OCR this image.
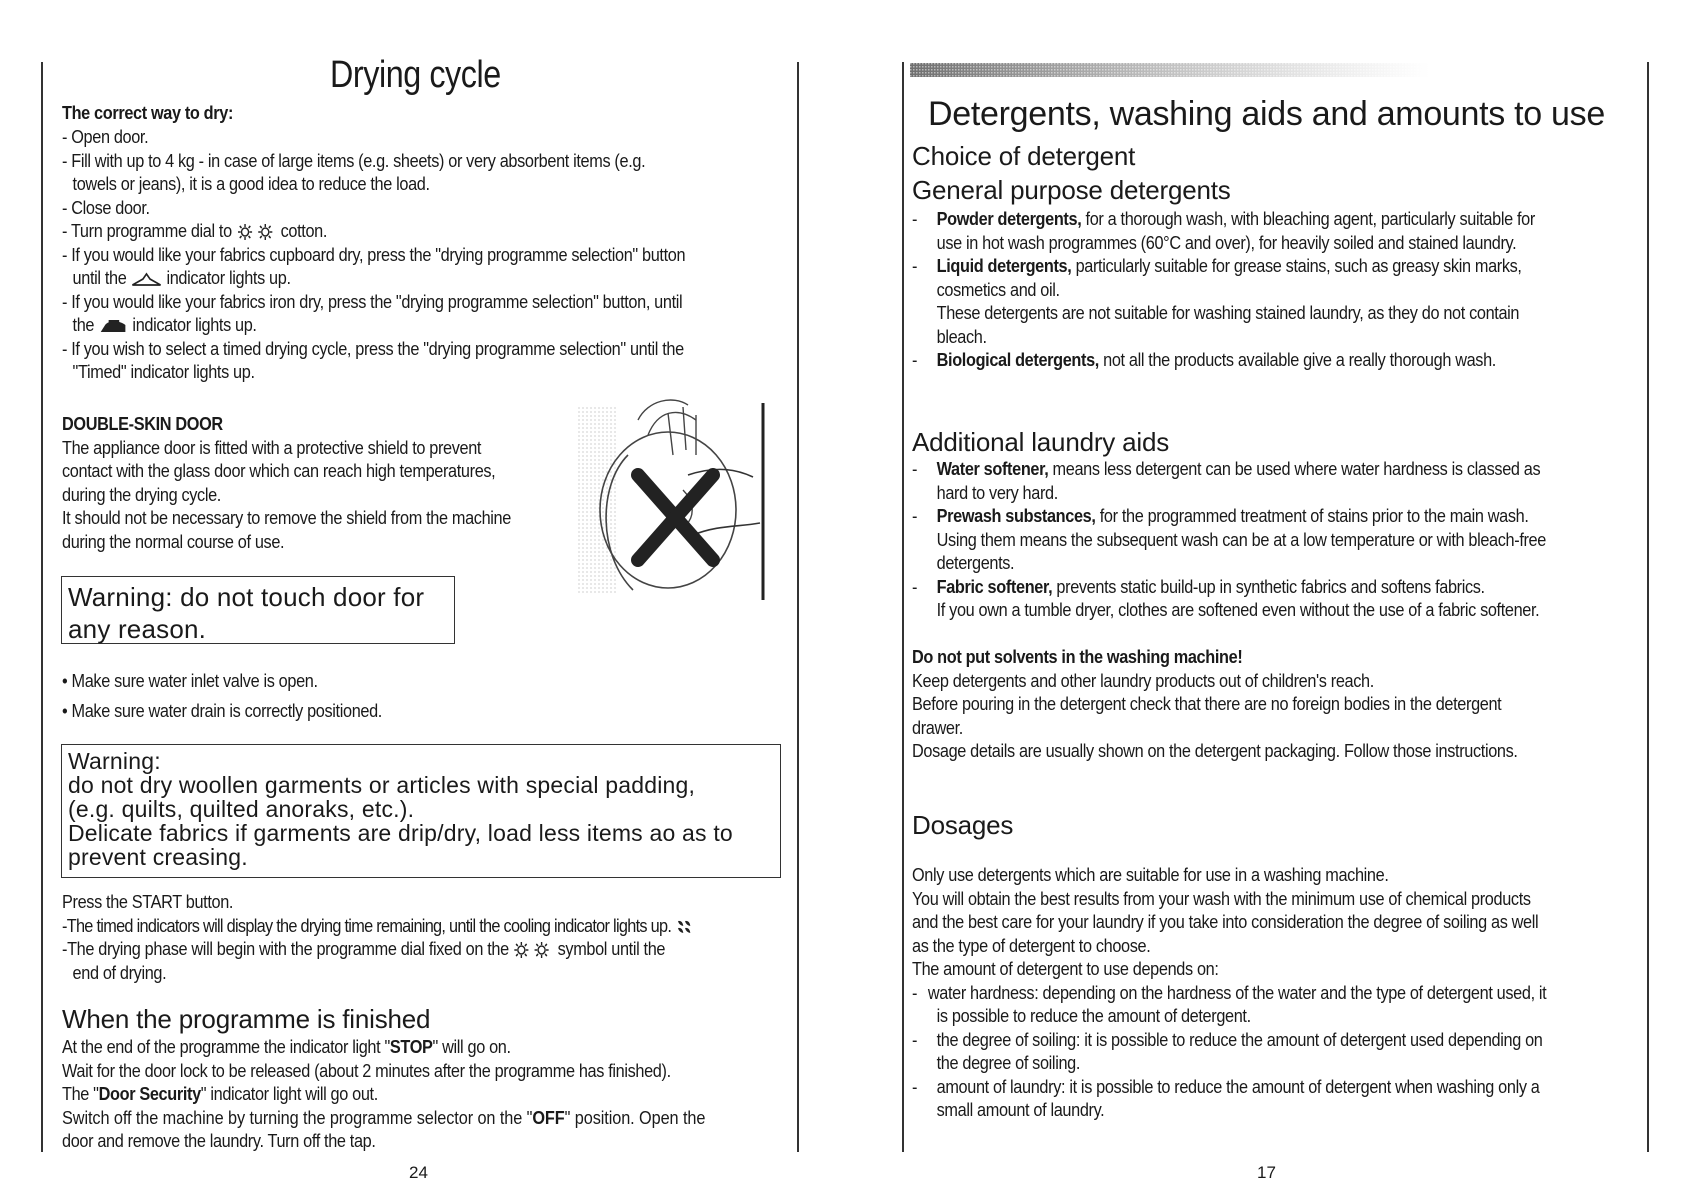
Drying cycle
The correct way to dry:
- Open door.
- Fill with up to 4 kg - in case of large items (e.g. sheets) or very absorbent items (e.g.
towels or jeans), it is a good idea to reduce the load.
- Close door.
- Turn programme dial to	cotton.
- If you would like your fabrics cupboard dry, press the "drying programme selection" button
until the indicator lights up.
- If you would like your fabrics iron dry, press the "drying programme selection" button, until
the indicator lights up.
- If you wish to select a timed drying cycle, press the "drying programme selection" until the
"Timed" indicator lights up.
DOUBLE-SKIN DOOR
The appliance door is fitted with a protective shield to prevent
contact with the glass door which can reach high temperatures,
during the drying cycle.
It should not be necessary to remove the shield from the machine
during the normal course of use.
Warning: do not touch door for any reason.
• Make sure water inlet valve is open.
• Make sure water drain is correctly positioned.
Warning:
do not dry woollen garments or articles with special padding,
(e.g. quilts, quilted anoraks, etc.).
Delicate fabrics if garments are drip/dry, load less items ao as to
prevent creasing.
Press the START button.
-The timed indicators will display the drying time remaining, until the cooling indicator lights up.
-The drying phase will begin with the programme dial fixed on the	symbol until the
end of drying.
When the programme is finished
At the end of the programme the indicator light "STOP" will go on.
Wait for the door lock to be released (about 2 minutes after the programme has finished).
The "Door Security" indicator light will go out.
Switch off the machine by turning the programme selector on the "OFF" position. Open the
door and remove the laundry. Turn off the tap.
24
Detergents, washing aids and amounts to use
Choice of detergent
General purpose detergents
- Powder detergents, for a thorough wash, with bleaching agent, particularly suitable for
use in hot wash programmes (60°C and over), for heavily soiled and stained laundry.
- Liquid detergents, particularly suitable for grease stains, such as greasy skin marks,
cosmetics and oil.
These detergents are not suitable for washing stained laundry, as they do not contain
bleach.
- Biological detergents, not all the products available give a really thorough wash.
Additional laundry aids
- Water softener, means less detergent can be used where water hardness is classed as
hard to very hard.
- Prewash substances, for the programmed treatment of stains prior to the main wash.
Using them means the subsequent wash can be at a low temperature or with bleach-free
detergents.
- Fabric softener, prevents static build-up in synthetic fabrics and softens fabrics.
If you own a tumble dryer, clothes are softened even without the use of a fabric softener.
Do not put solvents in the washing machine!
Keep detergents and other laundry products out of children's reach.
Before pouring in the detergent check that there are no foreign bodies in the detergent
drawer.
Dosage details are usually shown on the detergent packaging. Follow those instructions.
Dosages
Only use detergents which are suitable for use in a washing machine.
You will obtain the best results from your wash with the minimum use of chemical products
and the best care for your laundry if you take into consideration the degree of soiling as well
as the type of detergent to choose.
The amount of detergent to use depends on:
- water hardness: depending on the hardness of the water and the type of detergent used, it
is possible to reduce the amount of detergent.
- the degree of soiling: it is possible to reduce the amount of detergent used depending on
the degree of soiling.
- amount of laundry: it is possible to reduce the amount of detergent when washing only a
small amount of laundry.
17
